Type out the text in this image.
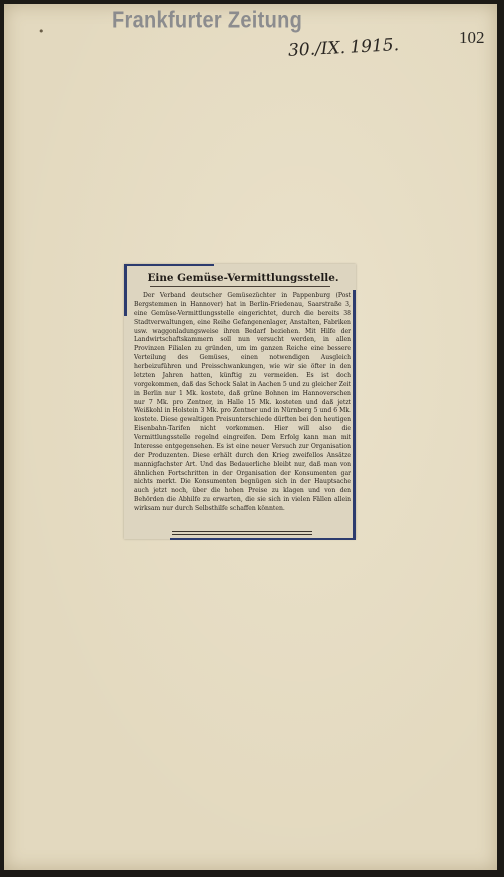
•	Frankfurter Zeitung
30./IX. 1915.	102
Eine Gemüse-Vermittlungsstelle.

Der Verband deutscher Gemüsezüchter in Pappenburg (Post Bergstemmen in Hannover) hat in Berlin-Friedenau, Saarstraße 3, eine Gemüse-Vermittlungsstelle eingerichtet, durch die bereits 38 Stadtverwaltungen, eine Reihe Gefangenenlager, Anstalten, Fabriken usw. waggonladungsweise ihren Bedarf beziehen. Mit Hilfe der Landwirtschaftskammern soll nun versucht werden, in allen Provinzen Filialen zu gründen, um im ganzen Reiche eine bessere Verteilung des Gemüses, einen notwendigen Ausgleich herbeizuführen und Preisschwankungen, wie wir sie öfter in den letzten Jahren hatten, künftig zu vermeiden. Es ist doch vorgekommen, daß das Schock Salat in Aachen 5 und zu gleicher Zeit in Berlin nur 1 Mk. kostete, daß grüne Bohnen im Hannoverschen nur 7 Mk. pro Zentner, in Halle 15 Mk. kosteten und daß jetzt Weißkohl in Holstein 3 Mk. pro Zentner und in Nürnberg 5 und 6 Mk. kostete. Diese gewaltigen Preisunterschiede dürften bei den heutigen Eisenbahn-Tarifen nicht vorkommen. Hier will also die Vermittlungsstelle regelnd eingreifen. Dem Erfolg kann man mit Interesse entgegensehen. Es ist eine neuer Versuch zur Organisation der Produzenten. Diese erhält durch den Krieg zweifellos Ansätze mannigfachster Art. Und das Bedauerliche bleibt nur, daß man von ähnlichen Fortschritten in der Organisation der Konsumenten gar nichts merkt. Die Konsumenten begnügen sich in der Hauptsache auch jetzt noch, über die hohen Preise zu klagen und von den Behörden die Abhilfe zu erwarten, die sie sich in vielen Fällen allein wirksam nur durch Selbsthilfe schaffen könnten.
